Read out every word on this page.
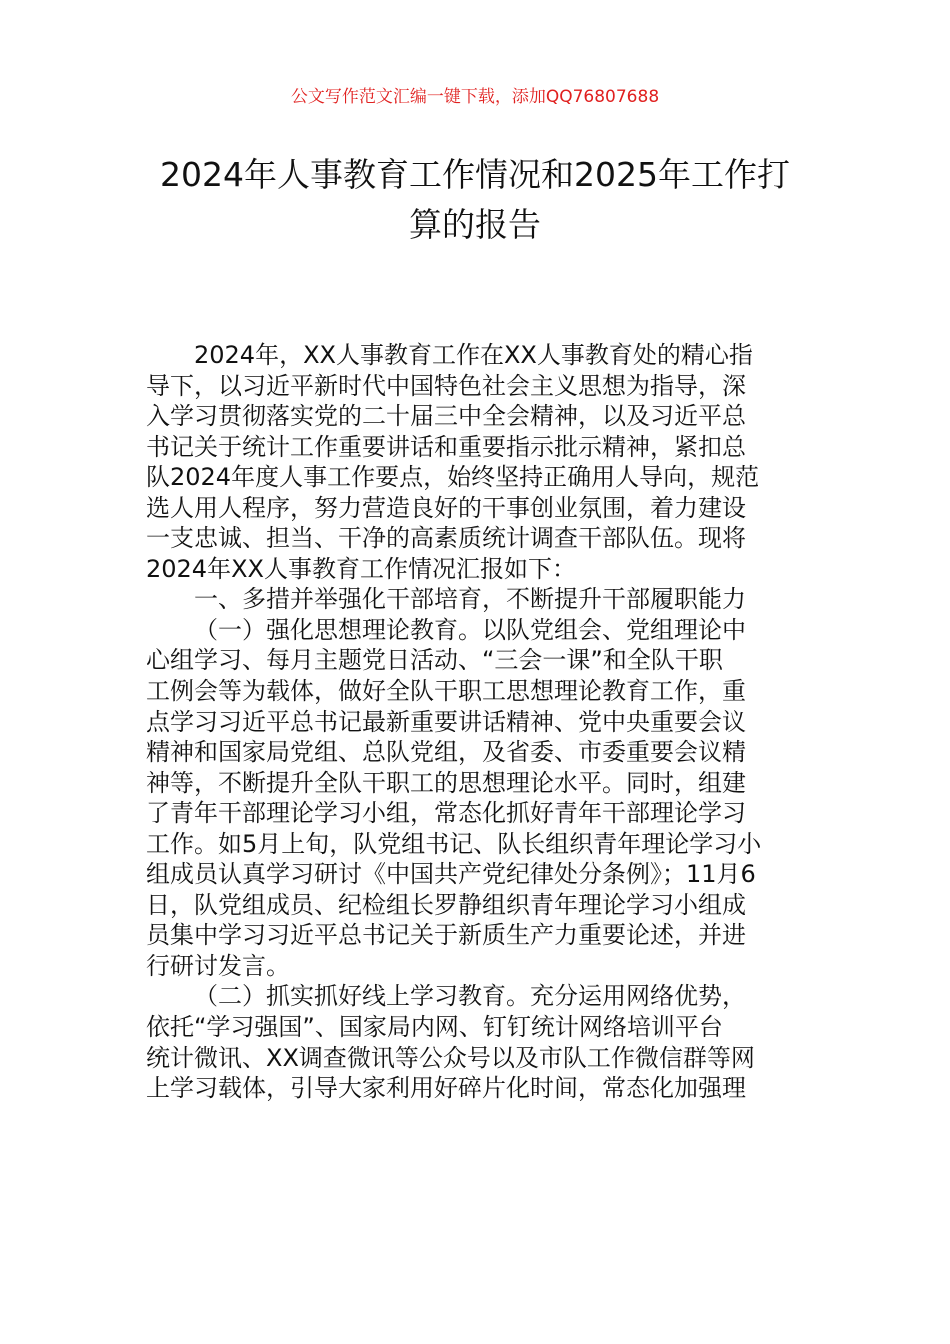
公文写作范文汇编一键下载，添加QQ76807688
2024年人事教育工作情况和2025年工作打
算的报告
2024年，XX人事教育工作在XX人事教育处的精心指
导下，以习近平新时代中国特色社会主义思想为指导，深
入学习贯彻落实党的二十届三中全会精神，以及习近平总
书记关于统计工作重要讲话和重要指示批示精神，紧扣总
队2024年度人事工作要点，始终坚持正确用人导向，规范
选人用人程序，努力营造良好的干事创业氛围，着力建设
一支忠诚、担当、干净的高素质统计调查干部队伍。现将
2024年XX人事教育工作情况汇报如下：
一、多措并举强化干部培育，不断提升干部履职能力
（一）强化思想理论教育。以队党组会、党组理论中
心组学习、每月主题党日活动、“三会一课”和全队干职
工例会等为载体，做好全队干职工思想理论教育工作，重
点学习习近平总书记最新重要讲话精神、党中央重要会议
精神和国家局党组、总队党组，及省委、市委重要会议精
神等，不断提升全队干职工的思想理论水平。同时，组建
了青年干部理论学习小组，常态化抓好青年干部理论学习
工作。如5月上旬，队党组书记、队长组织青年理论学习小
组成员认真学习研讨《中国共产党纪律处分条例》；11月6
日，队党组成员、纪检组长罗静组织青年理论学习小组成
员集中学习习近平总书记关于新质生产力重要论述，并进
行研讨发言。
（二）抓实抓好线上学习教育。充分运用网络优势，
依托“学习强国”、国家局内网、钉钉统计网络培训平台
统计微讯、XX调查微讯等公众号以及市队工作微信群等网
上学习载体，引导大家利用好碎片化时间，常态化加强理
